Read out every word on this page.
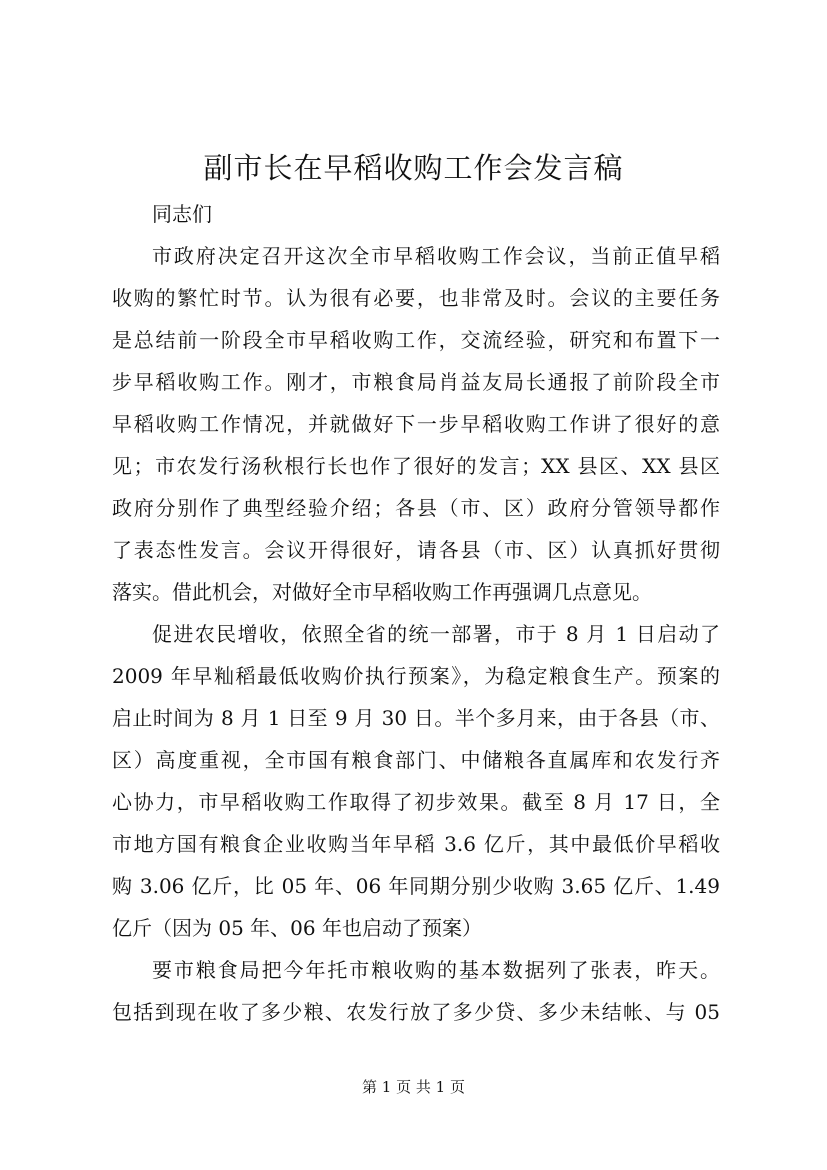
副市长在早稻收购工作会发言稿
同志们
市政府决定召开这次全市早稻收购工作会议，当前正值早稻
收购的繁忙时节。认为很有必要，也非常及时。会议的主要任务
是总结前一阶段全市早稻收购工作，交流经验，研究和布置下一
步早稻收购工作。刚才，市粮食局肖益友局长通报了前阶段全市
早稻收购工作情况，并就做好下一步早稻收购工作讲了很好的意
见；市农发行汤秋根行长也作了很好的发言；XX 县区、XX 县区
政府分别作了典型经验介绍；各县（市、区）政府分管领导都作
了表态性发言。会议开得很好，请各县（市、区）认真抓好贯彻
落实。借此机会，对做好全市早稻收购工作再强调几点意见。
促进农民增收，依照全省的统一部署，市于 8 月 1 日启动了
2009 年早籼稻最低收购价执行预案》，为稳定粮食生产。预案的
启止时间为 8 月 1 日至 9 月 30 日。半个多月来，由于各县（市、
区）高度重视，全市国有粮食部门、中储粮各直属库和农发行齐
心协力，市早稻收购工作取得了初步效果。截至 8 月 17 日，全
市地方国有粮食企业收购当年早稻 3.6 亿斤，其中最低价早稻收
购 3.06 亿斤，比 05 年、06 年同期分别少收购 3.65 亿斤、1.49
亿斤（因为 05 年、06 年也启动了预案）
要市粮食局把今年托市粮收购的基本数据列了张表，昨天。
包括到现在收了多少粮、农发行放了多少贷、多少未结帐、与 05
第 1 页 共 1 页
